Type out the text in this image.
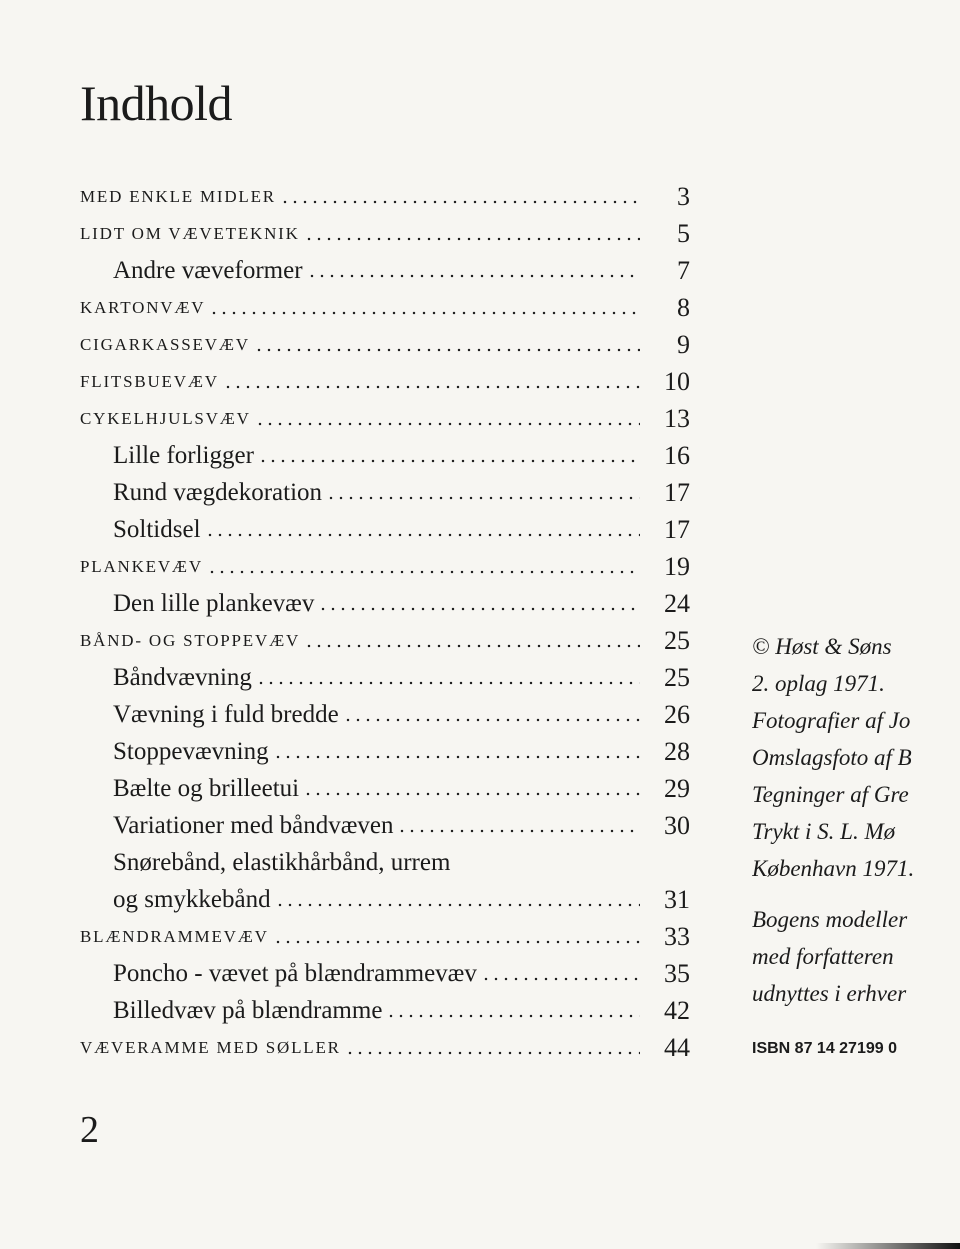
Indhold
MED ENKLE MIDLER	3
LIDT OM VÆVETEKNIK	5
Andre væveformer	7
KARTONVÆV	8
CIGARKASSEVÆV	9
FLITSBUEVÆV	10
CYKELHJULSVÆV	13
Lille forligger	16
Rund vægdekoration	17
Soltidsel	17
PLANKEVÆV	19
Den lille plankevæv	24
BÅND- OG STOPPEVÆV	25
Båndvævning	25
Vævning i fuld bredde	26
Stoppevævning	28
Bælte og brilleetui	29
Variationer med båndvæven	30
Snørebånd, elastikhårbånd, urrem
og smykkebånd	31
BLÆNDRAMMEVÆV	33
Poncho - vævet på blændrammevæv	35
Billedvæv på blændramme	42
VÆVERAMME MED SØLLER	44
© Høst & Søns
2. oplag 1971.
Fotografier af Jo
Omslagsfoto af B
Tegninger af Gre
Trykt i S. L. Mø
København 1971.
Bogens modeller
med forfatteren
udnyttes i erhver
ISBN 87 14 27199 0
2
